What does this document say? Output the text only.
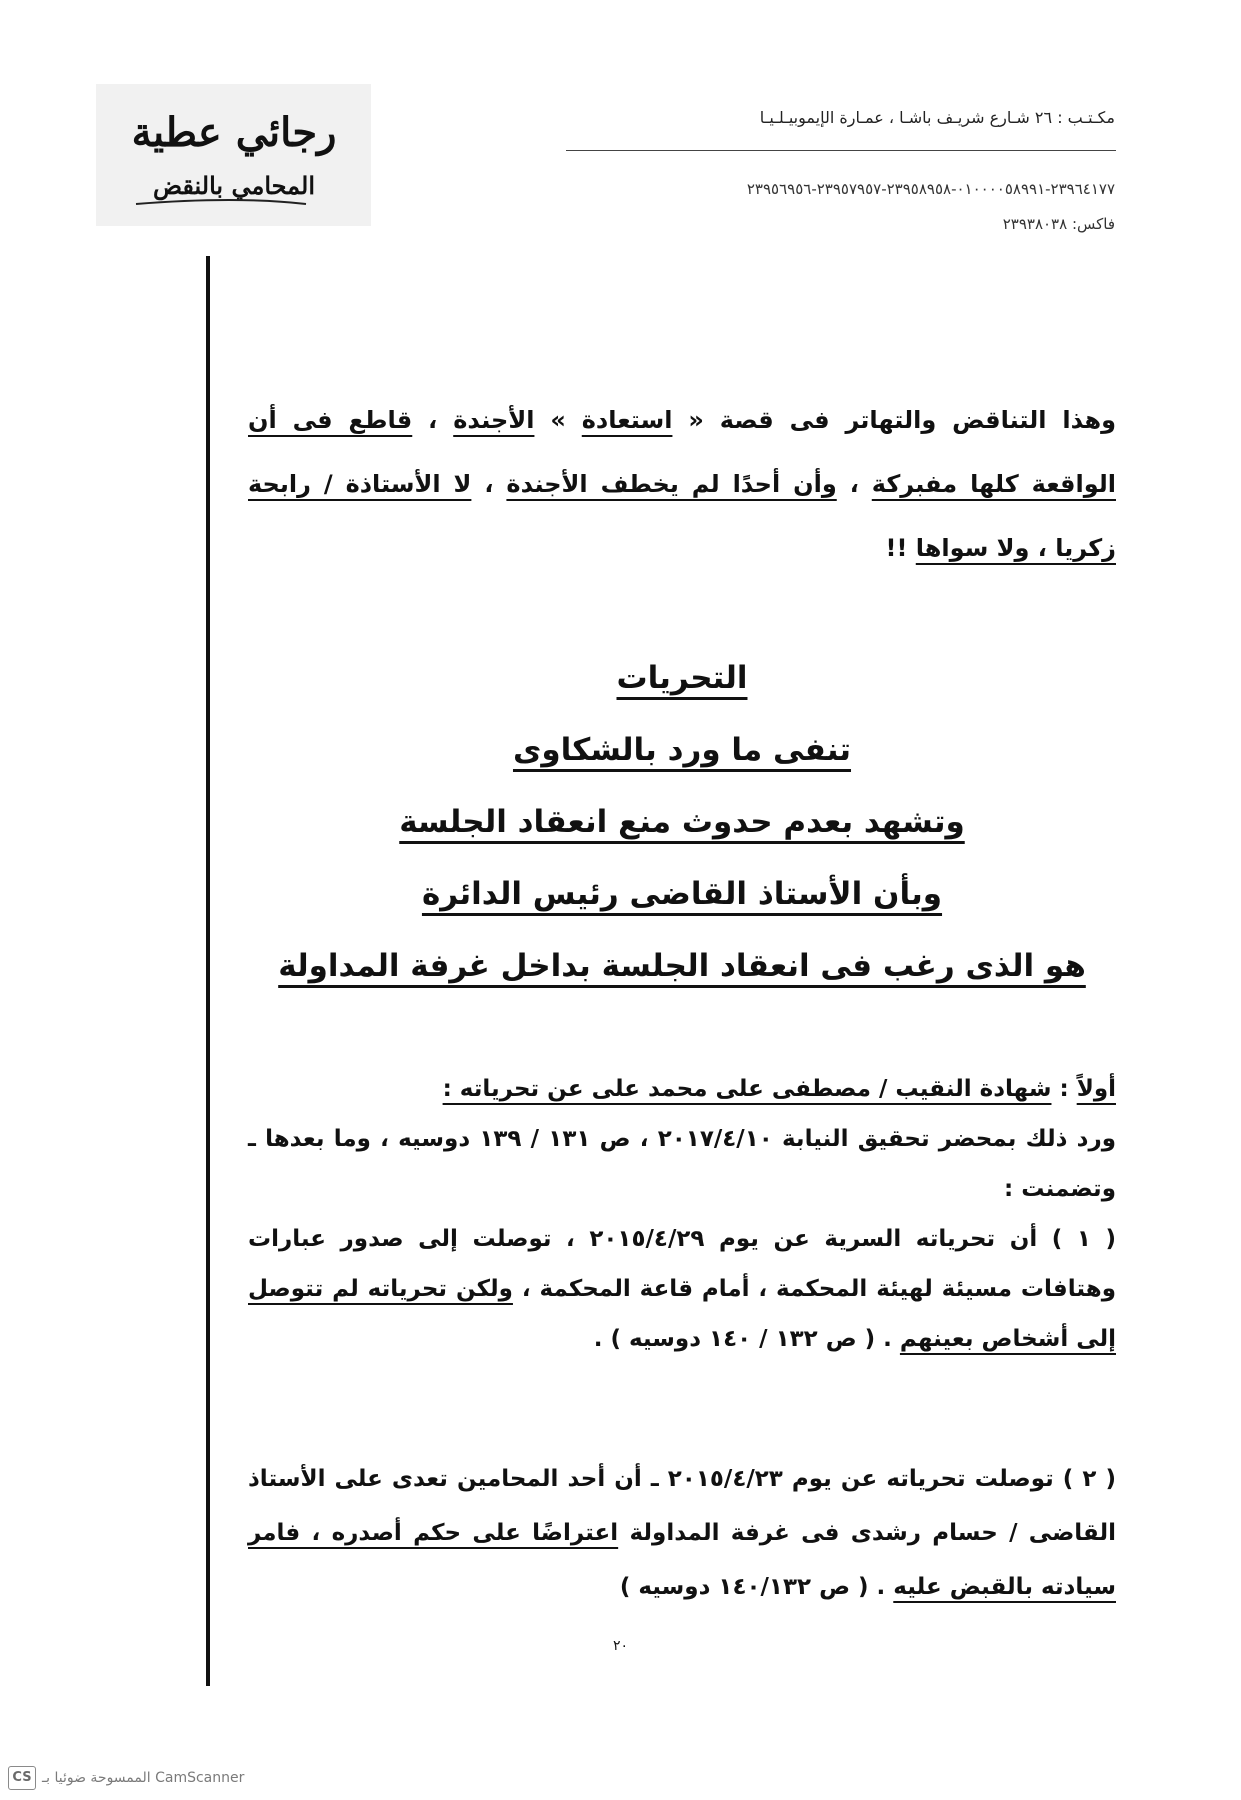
رجائي عطية
المحامي بالنقض
مكـتـب : ٢٦ شـارع شريـف باشـا ، عمـارة الإيموبيـلـيـا
٢٣٩٦٤١٧٧-٠١٠٠٠٠٥٨٩٩١-٢٣٩٥٨٩٥٨-٢٣٩٥٧٩٥٧-٢٣٩٥٦٩٥٦
فاكس: ٢٣٩٣٨٠٣٨
وهذا التناقض والتهاتر فى قصة « استعادة » الأجندة ، قاطع فى أن الواقعة كلها مفبركة ، وأن أحدًا لم يخطف الأجندة ، لا الأستاذة / رابحة زكريا ، ولا سواها !!
التحريات
تنفى ما ورد بالشكاوى
وتشهد بعدم حدوث منع انعقاد الجلسة
وبأن الأستاذ القاضى رئيس الدائرة
هو الذى رغب فى انعقاد الجلسة بداخل غرفة المداولة
أولاً : شهادة النقيب / مصطفى على محمد على عن تحرياته :
ورد ذلك بمحضر تحقيق النيابة ٢٠١٧/٤/١٠ ، ص ١٣١ / ١٣٩ دوسيه ، وما بعدها ـ وتضمنت :
( ١ ) أن تحرياته السرية عن يوم ٢٠١٥/٤/٢٩ ، توصلت إلى صدور عبارات وهتافات مسيئة لهيئة المحكمة ، أمام قاعة المحكمة ، ولكن تحرياته لم تتوصل إلى أشخاص بعينهم . ( ص ١٣٢ / ١٤٠ دوسيه ) .
( ٢ ) توصلت تحرياته عن يوم ٢٠١٥/٤/٢٣ ـ أن أحد المحامين تعدى على الأستاذ القاضى / حسام رشدى فى غرفة المداولة اعتراضًا على حكم أصدره ، فامر سيادته بالقبض عليه . ( ص ١٤٠/١٣٢ دوسيه )
٢٠
CS الممسوحة ضوئيا بـ CamScanner
